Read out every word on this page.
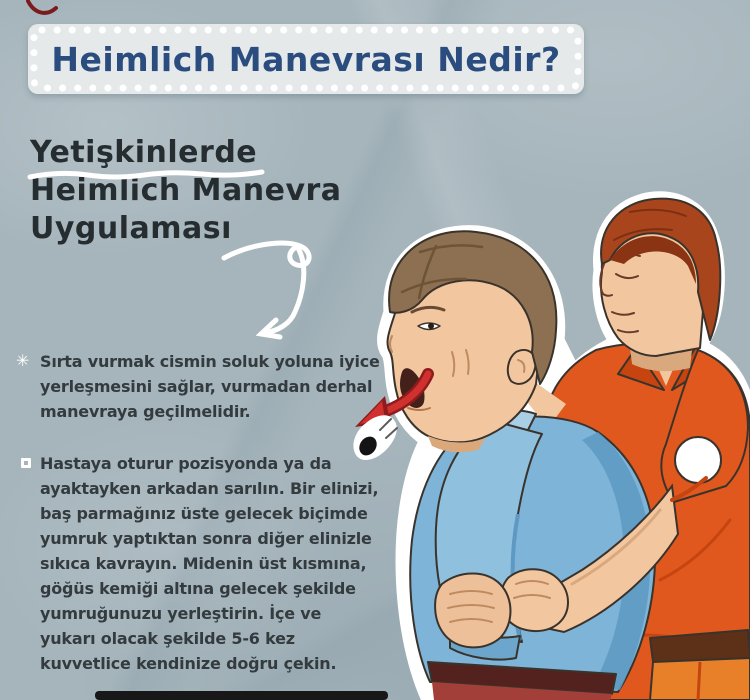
Heimlich Manevrası Nedir?
Yetişkinlerde
Heimlich Manevra
Uygulaması
✳ Sırta vurmak cismin soluk yoluna iyice yerleşmesini sağlar, vurmadan derhal manevraya geçilmelidir.
Hastaya oturur pozisyonda ya da ayaktayken arkadan sarılın. Bir elinizi, baş parmağınız üste gelecek biçimde yumruk yaptıktan sonra diğer elinizle sıkıca kavrayın. Midenin üst kısmına, göğüs kemiği altına gelecek şekilde yumruğunuzu yerleştirin. İçe ve yukarı olacak şekilde 5-6 kez kuvvetlice kendinize doğru çekin.
